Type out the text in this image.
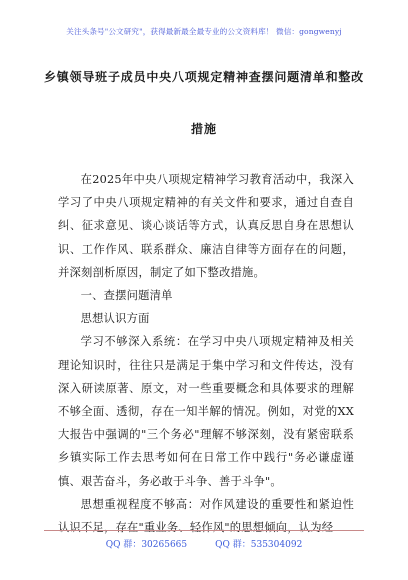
关注头条号"公文研究"，获得最新最全最专业的公文资料库！ 微信：gongwenyj
乡镇领导班子成员中央八项规定精神查摆问题清单和整改
措施

在2025年中央八项规定精神学习教育活动中，我深入学习了中央八项规定精神的有关文件和要求，通过自查自纠、征求意见、谈心谈话等方式，认真反思自身在思想认识、工作作风、联系群众、廉洁自律等方面存在的问题，并深刻剖析原因，制定了如下整改措施。

一、查摆问题清单

思想认识方面

学习不够深入系统：在学习中央八项规定精神及相关理论知识时，往往只是满足于集中学习和文件传达，没有深入研读原著、原文，对一些重要概念和具体要求的理解不够全面、透彻，存在一知半解的情况。例如，对党的XX大报告中强调的"三个务必"理解不够深刻，没有紧密联系乡镇实际工作去思考如何在日常工作中践行"务必谦虚谨慎、艰苦奋斗，务必敢于斗争、善于斗争"。

思想重视程度不够高：对作风建设的重要性和紧迫性认识不足，存在"重业务、轻作风"的思想倾向，认为经

QQ 群：30265665	QQ 群：535304092
